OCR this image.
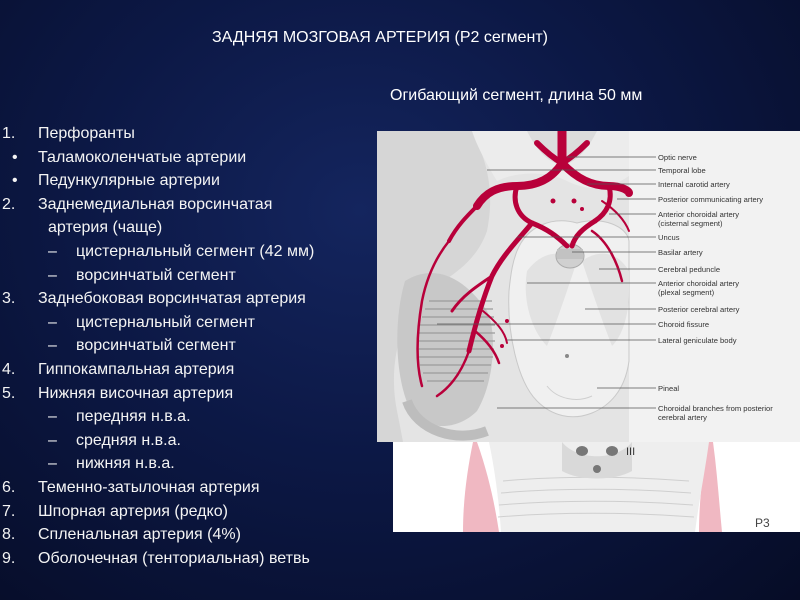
ЗАДНЯЯ МОЗГОВАЯ АРТЕРИЯ (Р2 сегмент)
Огибающий сегмент, длина 50 мм
1. Перфоранты
• Таламоколенчатые артерии
• Педункулярные артерии
2. Заднемедиальная ворсинчатая
артерия (чаще)
– цистернальный сегмент (42 мм)
– ворсинчатый сегмент
3. Заднебоковая ворсинчатая артерия
– цистернальный сегмент
– ворсинчатый сегмент
4. Гиппокампальная артерия
5. Нижняя височная артерия
– передняя н.в.а.
– средняя н.в.а.
– нижняя н.в.а.
6. Теменно-затылочная артерия
7. Шпорная артерия (редко)
8. Спленальная артерия (4%)
9. Оболочечная (тенториальная) ветвь
III
P3
Optic nerve
Temporal lobe
Internal carotid artery
Posterior communicating artery
Anterior choroidal artery (cisternal segment)
Uncus
Basilar artery
Cerebral peduncle
Anterior choroidal artery (plexal segment)
Posterior cerebral artery
Choroid fissure
Lateral geniculate body
Pineal
Choroidal branches from posterior cerebral artery
